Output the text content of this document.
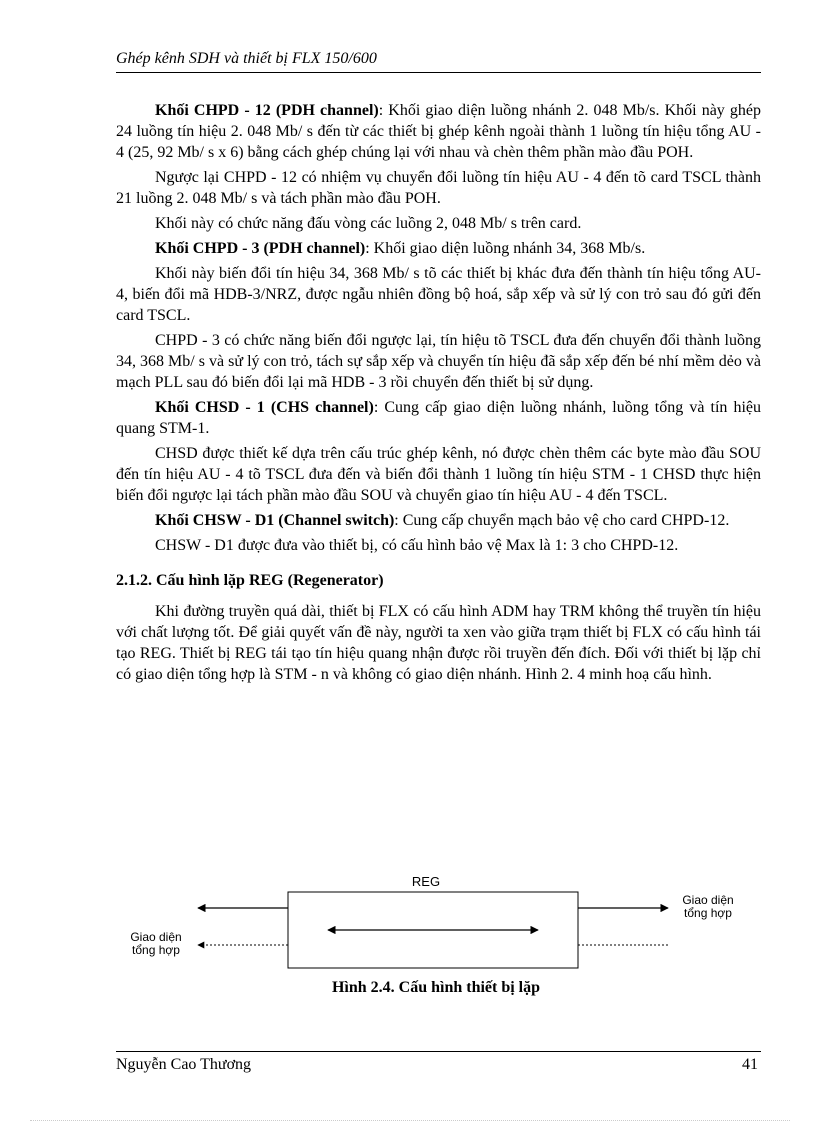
Ghép kênh SDH và thiết bị FLX 150/600

Khối CHPD - 12 (PDH channel): Khối giao diện luồng nhánh 2. 048 Mb/s. Khối này ghép 24 luồng tín hiệu 2. 048 Mb/ s đến từ các thiết bị ghép kênh ngoài thành 1 luồng tín hiệu tổng AU - 4 (25, 92 Mb/ s x 6) bằng cách ghép chúng lại với nhau và chèn thêm phần mào đầu POH.

Ngược lại CHPD - 12 có nhiệm vụ chuyển đổi luồng tín hiệu AU - 4 đến tõ card TSCL thành 21 luồng 2. 048 Mb/ s và tách phần mào đầu POH.

Khối này có chức năng đấu vòng các luồng 2, 048 Mb/ s trên card.

Khối CHPD - 3 (PDH channel): Khối giao diện luồng nhánh 34, 368 Mb/s.

Khối này biến đổi tín hiệu 34, 368 Mb/ s tõ các thiết bị khác đưa đến thành tín hiệu tổng AU-4, biến đổi mã HDB-3/NRZ, được ngẫu nhiên đồng bộ hoá, sắp xếp và sử lý con trỏ sau đó gửi đến card TSCL.

CHPD - 3 có chức năng biến đổi ngược lại, tín hiệu tõ TSCL đưa đến chuyển đổi thành luồng 34, 368 Mb/ s và sử lý con trỏ, tách sự sắp xếp và chuyển tín hiệu đã sắp xếp đến bé nhí mềm dẻo và mạch PLL sau đó biến đổi lại mã HDB - 3 rồi chuyển đến thiết bị sử dụng.

Khối CHSD - 1 (CHS channel): Cung cấp giao diện luồng nhánh, luồng tổng và tín hiệu quang STM-1.

CHSD được thiết kế dựa trên cấu trúc ghép kênh, nó được chèn thêm các byte mào đầu SOU đến tín hiệu AU - 4 tõ TSCL đưa đến và biến đổi thành 1 luồng tín hiệu STM - 1 CHSD thực hiện biến đổi ngược lại tách phần mào đầu SOU và chuyển giao tín hiệu AU - 4 đến TSCL.

Khối CHSW - D1 (Channel switch): Cung cấp chuyển mạch bảo vệ cho card CHPD-12.

CHSW - D1 được đưa vào thiết bị, có cấu hình bảo vệ Max là 1: 3 cho CHPD-12.

2.1.2. Cấu hình lặp REG (Regenerator)

Khi đường truyền quá dài, thiết bị FLX có cấu hình ADM hay TRM không thể truyền tín hiệu với chất lượng tốt. Để giải quyết vấn đề này, người ta xen vào giữa trạm thiết bị FLX có cấu hình tái tạo REG. Thiết bị REG tái tạo tín hiệu quang nhận được rồi truyền đến đích. Đối với thiết bị lặp chỉ có giao diện tổng hợp là STM - n và không có giao diện nhánh. Hình 2. 4 minh hoạ cấu hình.

REG
Giao diện
tổng hợp
Giao diện
tổng hợp
Hình 2.4. Cấu hình thiết bị lặp
Nguyễn Cao Thương	41
